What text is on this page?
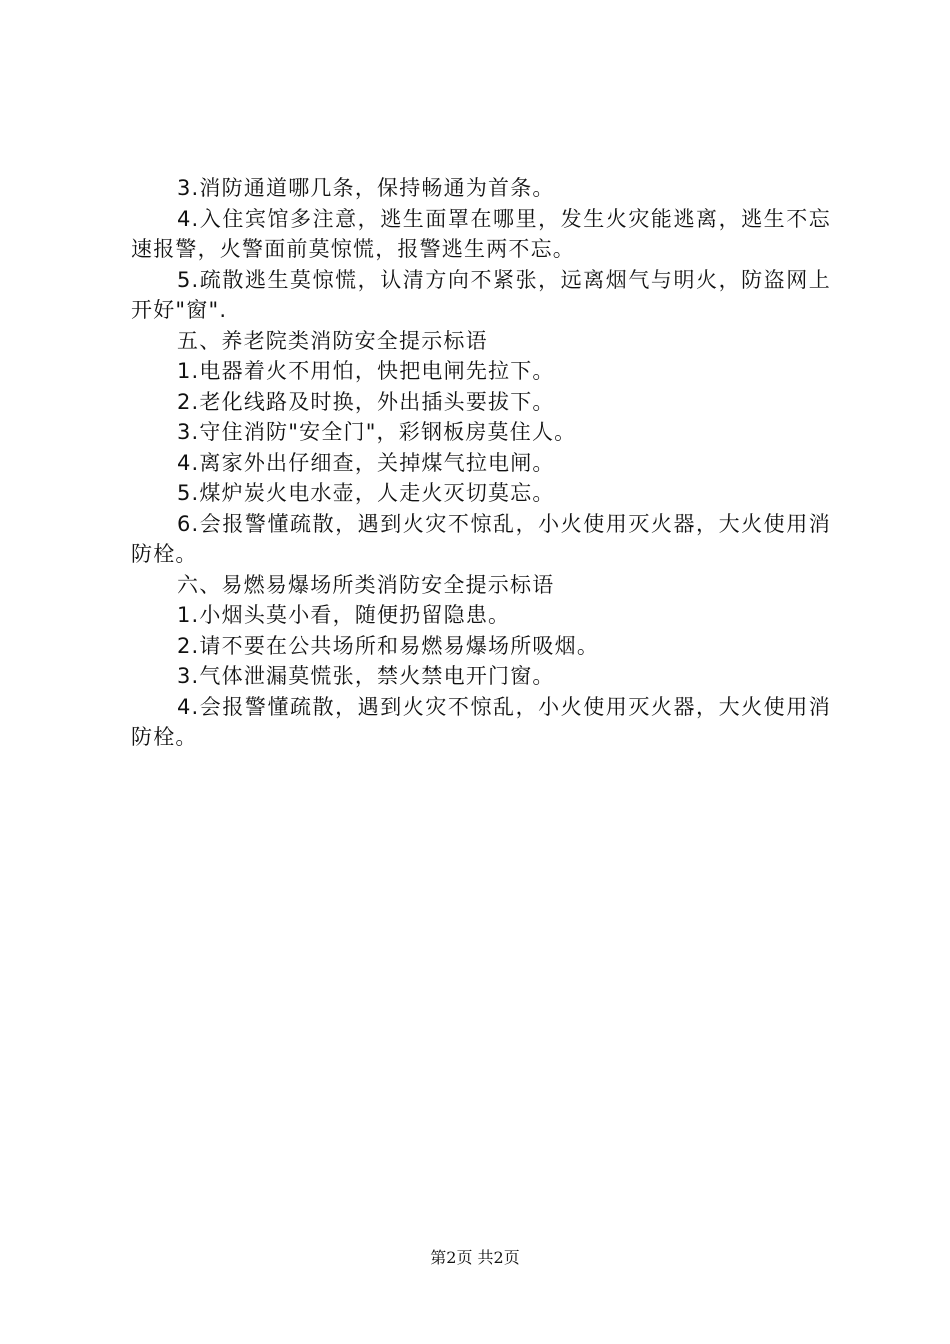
3.消防通道哪几条，保持畅通为首条。

4.入住宾馆多注意，逃生面罩在哪里，发生火灾能逃离，逃生不忘速报警，火警面前莫惊慌，报警逃生两不忘。

5.疏散逃生莫惊慌，认清方向不紧张，远离烟气与明火，防盗网上开好"窗".

五、养老院类消防安全提示标语

1.电器着火不用怕，快把电闸先拉下。

2.老化线路及时换，外出插头要拔下。

3.守住消防"安全门"，彩钢板房莫住人。

4.离家外出仔细查，关掉煤气拉电闸。

5.煤炉炭火电水壶，人走火灭切莫忘。

6.会报警懂疏散，遇到火灾不惊乱，小火使用灭火器，大火使用消防栓。

六、易燃易爆场所类消防安全提示标语

1.小烟头莫小看，随便扔留隐患。

2.请不要在公共场所和易燃易爆场所吸烟。

3.气体泄漏莫慌张，禁火禁电开门窗。

4.会报警懂疏散，遇到火灾不惊乱，小火使用灭火器，大火使用消防栓。

第2页 共2页
